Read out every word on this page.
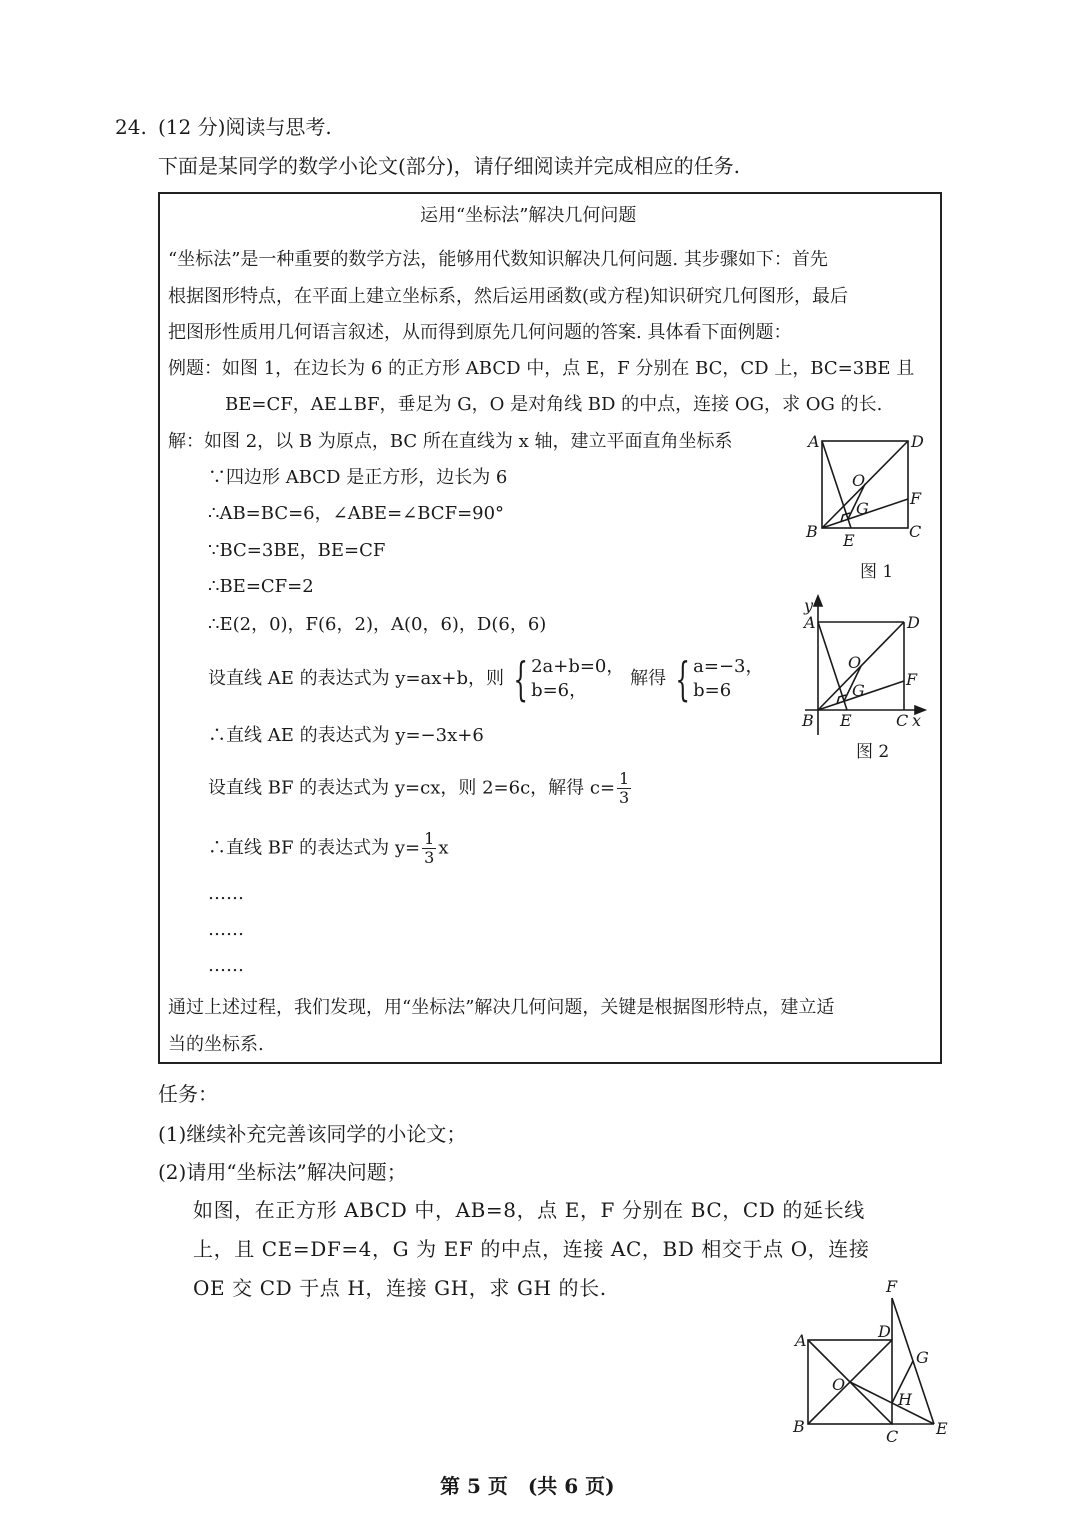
24. (12 分)阅读与思考.
下面是某同学的数学小论文(部分)，请仔细阅读并完成相应的任务.
运用“坐标法”解决几何问题
“坐标法”是一种重要的数学方法，能够用代数知识解决几何问题. 其步骤如下：首先
根据图形特点，在平面上建立坐标系，然后运用函数(或方程)知识研究几何图形，最后
把图形性质用几何语言叙述，从而得到原先几何问题的答案. 具体看下面例题：
例题：如图 1，在边长为 6 的正方形 ABCD 中，点 E，F 分别在 BC，CD 上，BC=3BE 且
BE=CF，AE⊥BF，垂足为 G，O 是对角线 BD 的中点，连接 OG，求 OG 的长.
解：如图 2，以 B 为原点，BC 所在直线为 x 轴，建立平面直角坐标系
∵四边形 ABCD 是正方形，边长为 6
∴AB=BC=6，∠ABE=∠BCF=90°
∵BC=3BE，BE=CF
∴BE=CF=2
∴E(2，0)，F(6，2)，A(0，6)，D(6，6)
设直线 AE 的表达式为 y=ax+b，则 { 2a+b=0，
b=6，
解得 { a=−3，
b=6
∴直线 AE 的表达式为 y=−3x+6
设直线 BF 的表达式为 y=cx，则 2=6c，解得 $c= \frac{1}{3}$
∴直线 BF 的表达式为 $y= \frac{1}{3}$ x
……
……
……
通过上述过程，我们发现，用“坐标法”解决几何问题，关键是根据图形特点，建立适
当的坐标系.
任务：
(1)继续补充完善该同学的小论文；
(2)请用“坐标法”解决问题；
如图，在正方形 ABCD 中，AB=8，点 E，F 分别在 BC，CD 的延长线
上，且 CE=DF=4，G 为 EF 的中点，连接 AC，BD 相交于点 O，连接
OE 交 CD 于点 H，连接 GH，求 GH 的长.
第 5 页　(共 6 页)
A	D
B	C
E
F
G
O
图 1
y
A	D
B	C x
E
F
G
O
图 2
A	D
B
C E
F
G
H
O
